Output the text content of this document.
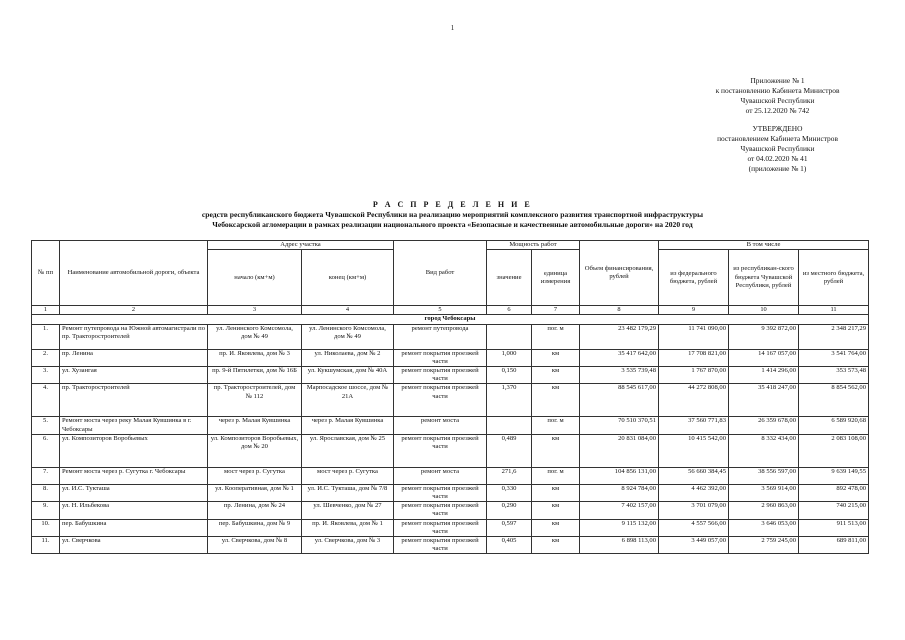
1
Приложение № 1
к постановлению Кабинета Министров
Чувашской Республики
от 25.12.2020 № 742
УТВЕРЖДЕНО
постановлением Кабинета Министров
Чувашской Республики
от 04.02.2020 № 41
(приложение № 1)
Р А С П Р Е Д Е Л Е Н И Е
средств республиканского бюджета Чувашской Республики на реализацию мероприятий комплексного развития транспортной инфраструктуры
Чебоксарской агломерации в рамках реализации национального проекта «Безопасные и качественные автомобильные дороги» на 2020 год
№ пп	Наименование автомобильной дороги, объекта	Адрес участка		Вид работ	Мощность работ		Объем финансирования, рублей	В том числе		
		начало (км+м)	конец (км+м)		значение	единица измерения		из федерального бюджета, рублей	из республикан-ского бюджета Чувашской Республики, рублей	из местного бюджета, рублей
1	2	3	4	5	6	7	8	9	10	11
город Чебоксары										
1.	Ремонт путепровода на Южной автомагистрали по пр. Тракторостроителей	ул. Ленинского Комсомола, дом № 49	ул. Ленинского Комсомола, дом № 49	ремонт путепровода		пог. м	23 482 179,29	11 741 090,00	9 392 872,00	2 348 217,29
2.	пр. Ленина	пр. И. Яковлева, дом № 3	ул. Николаева, дом № 2	ремонт покрытия проезжей части	1,000	км	35 417 642,00	17 708 821,00	14 167 057,00	3 541 764,00
3.	ул. Хузангая	пр. 9-й Пятилетки, дом № 16Б	ул. Кукшумская, дом № 40А	ремонт покрытия проезжей части	0,150	км	3 535 739,48	1 767 870,00	1 414 296,00	353 573,48
4.	пр. Тракторостроителей	пр. Тракторостроителей, дом № 112	Марпосадское шоссе, дом № 21А	ремонт покрытия проезжей части	1,370	км	88 545 617,00	44 272 808,00	35 418 247,00	8 854 562,00
5.	Ремонт моста через реку Малая Кувшинка в г. Чебоксары	через р. Малая Кувшинка	через р. Малая Кувшинка	ремонт моста		пог. м	70 510 370,51	37 560 771,83	26 359 678,00	6 589 920,68
6.	ул. Композиторов Воробьевых	ул. Композиторов Воробьевых, дом № 20	ул. Ярославская, дом № 25	ремонт покрытия проезжей части	0,489	км	20 831 084,00	10 415 542,00	8 332 434,00	2 083 108,00
7.	Ремонт моста через р. Сугутка г. Чебоксары	мост через р. Сугутка	мост через р. Сугутка	ремонт моста	271,6	пог. м	104 856 131,00	56 660 384,45	38 556 597,00	9 639 149,55
8.	ул. И.С. Тукташа	ул. Кооперативная, дом № 1	ул. И.С. Тукташа, дом № 7/8	ремонт покрытия проезжей части	0,330	км	8 924 784,00	4 462 392,00	3 569 914,00	892 478,00
9.	ул. Н. Ильбекова	пр. Ленина, дом № 24	ул. Шевченко, дом № 27	ремонт покрытия проезжей части	0,290	км	7 402 157,00	3 701 079,00	2 960 863,00	740 215,00
10.	пер. Бабушкина	пер. Бабушкина, дом № 9	пр. И. Яковлева, дом № 1	ремонт покрытия проезжей части	0,597	км	9 115 132,00	4 557 566,00	3 646 053,00	911 513,00
11.	ул. Сверчкова	ул. Сверчкова, дом № 8	ул. Сверчкова, дом № 3	ремонт покрытия проезжей части	0,405	км	6 898 113,00	3 449 057,00	2 759 245,00	689 811,00
